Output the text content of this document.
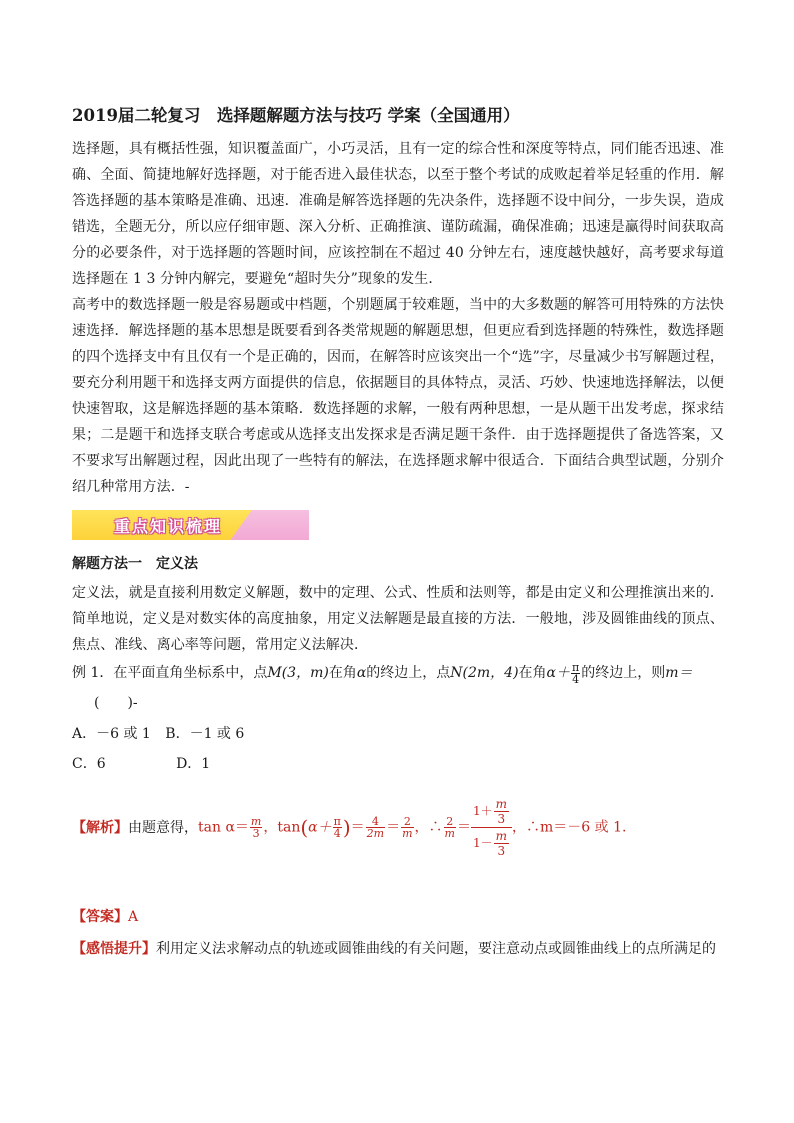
2019届二轮复习　选择题解题方法与技巧 学案（全国通用）

选择题，具有概括性强，知识覆盖面广，小巧灵活，且有一定的综合性和深度等特点，同们能否迅速、准确、全面、简捷地解好选择题，对于能否进入最佳状态，以至于整个考试的成败起着举足轻重的作用．解答选择题的基本策略是准确、迅速．准确是解答选择题的先决条件，选择题不设中间分，一步失误，造成错选，全题无分，所以应仔细审题、深入分析、正确推演、谨防疏漏，确保准确；迅速是赢得时间获取高分的必要条件，对于选择题的答题时间，应该控制在不超过 40 分钟左右，速度越快越好，高考要求每道选择题在 1 3 分钟内解完，要避免“超时失分”现象的发生．

高考中的数选择题一般是容易题或中档题，个别题属于较难题，当中的大多数题的解答可用特殊的方法快速选择．解选择题的基本思想是既要看到各类常规题的解题思想，但更应看到选择题的特殊性，数选择题的四个选择支中有且仅有一个是正确的，因而，在解答时应该突出一个“选”字，尽量减少书写解题过程，要充分利用题干和选择支两方面提供的信息，依据题目的具体特点，灵活、巧妙、快速地选择解法，以便快速智取，这是解选择题的基本策略．数选择题的求解，一般有两种思想，一是从题干出发考虑，探求结果；二是题干和选择支联合考虑或从选择支出发探求是否满足题干条件．由于选择题提供了备选答案，又不要求写出解题过程，因此出现了一些特有的解法，在选择题求解中很适合．下面结合典型试题，分别介绍几种常用方法．-

重点知识梳理
解题方法一　定义法

定义法，就是直接利用数定义解题，数中的定理、公式、性质和法则等，都是由定义和公理推演出来的．简单地说，定义是对数实体的高度抽象，用定义法解题是最直接的方法．一般地，涉及圆锥曲线的顶点、焦点、准线、离心率等问题，常用定义法解决．

例 1．在平面直角坐标系中，点M(3，m)在角α的终边上，点N(2m，4)在角$\alpha+ \frac{\pi}{4}$ 的终边上，则m＝(　　)-
A．－6 或 1 B．－1 或 6
C．6	D．1
【解析】 由题意得， $\tan \alpha= \frac{m}{3}$ ，$\tan(\alpha+ \frac{\pi}{4}$ )＝ $\frac{4}{2m} = \frac{2}{m}$ ，∴ $\frac{2}{m} = \frac{1+ \frac{m}{3}}{1- \frac{m}{3}}$ ，∴m＝－6 或 1.
【答案】A
【感悟提升】利用定义法求解动点的轨迹或圆锥曲线的有关问题，要注意动点或圆锥曲线上的点所满足的
